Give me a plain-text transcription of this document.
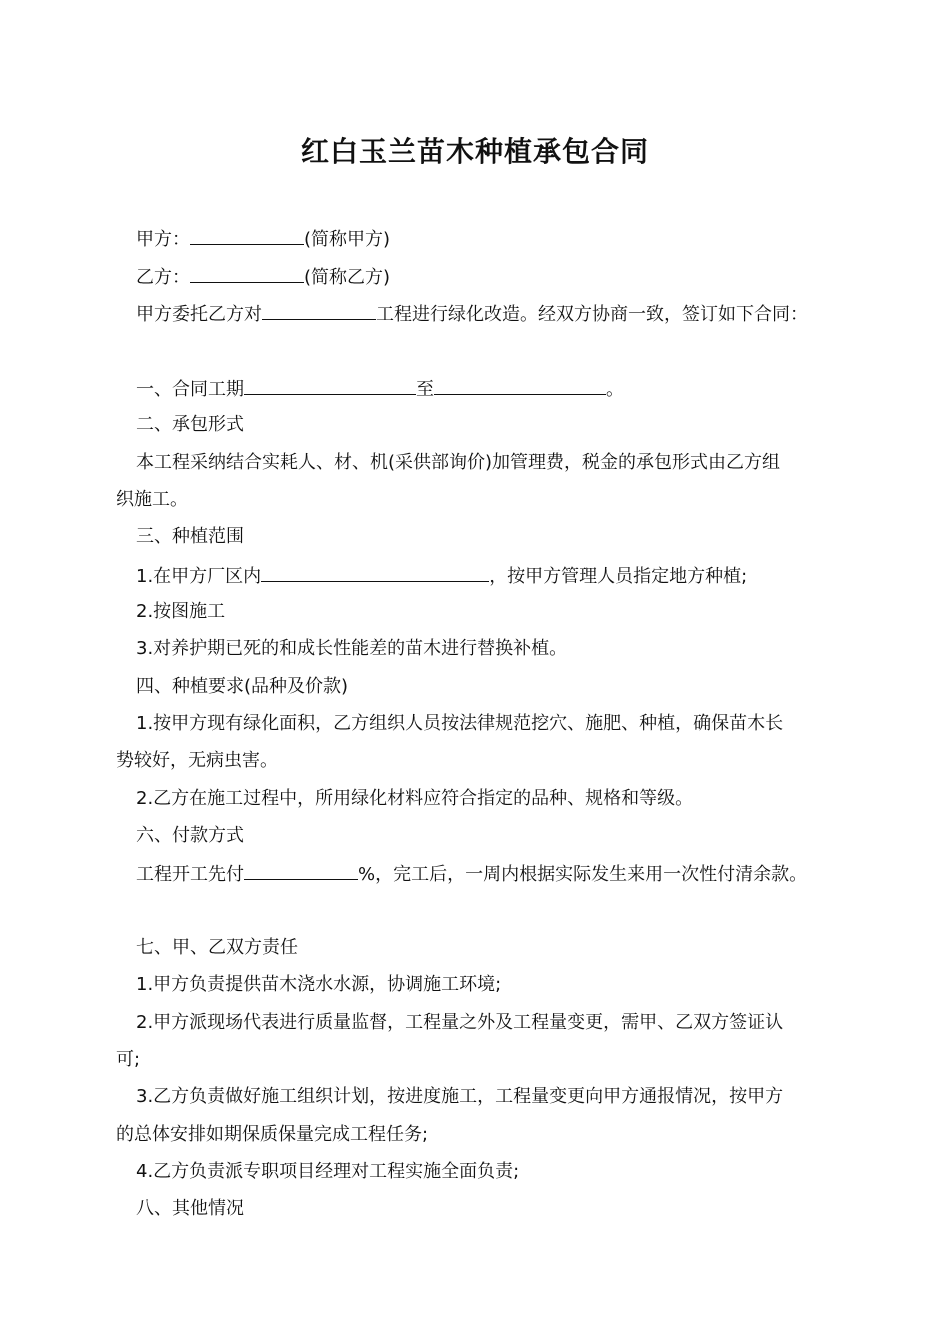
红白玉兰苗木种植承包合同
甲方：	(简称甲方)
乙方：	(简称乙方)
甲方委托乙方对	工程进行绿化改造。经双方协商一致，签订如下合同：
一、合同工期	至	。
二、承包形式
本工程采纳结合实耗人、材、机(采供部询价)加管理费，税金的承包形式由乙方组
织施工。
三、种植范围
1.在甲方厂区内	，按甲方管理人员指定地方种植;
2.按图施工
3.对养护期已死的和成长性能差的苗木进行替换补植。
四、种植要求(品种及价款)
1.按甲方现有绿化面积，乙方组织人员按法律规范挖穴、施肥、种植，确保苗木长
势较好，无病虫害。
2.乙方在施工过程中，所用绿化材料应符合指定的品种、规格和等级。
六、付款方式
工程开工先付	%，完工后，一周内根据实际发生来用一次性付清余款。
七、甲、乙双方责任
1.甲方负责提供苗木浇水水源，协调施工环境;
2.甲方派现场代表进行质量监督，工程量之外及工程量变更，需甲、乙双方签证认
可;
3.乙方负责做好施工组织计划，按进度施工，工程量变更向甲方通报情况，按甲方
的总体安排如期保质保量完成工程任务;
4.乙方负责派专职项目经理对工程实施全面负责;
八、其他情况
